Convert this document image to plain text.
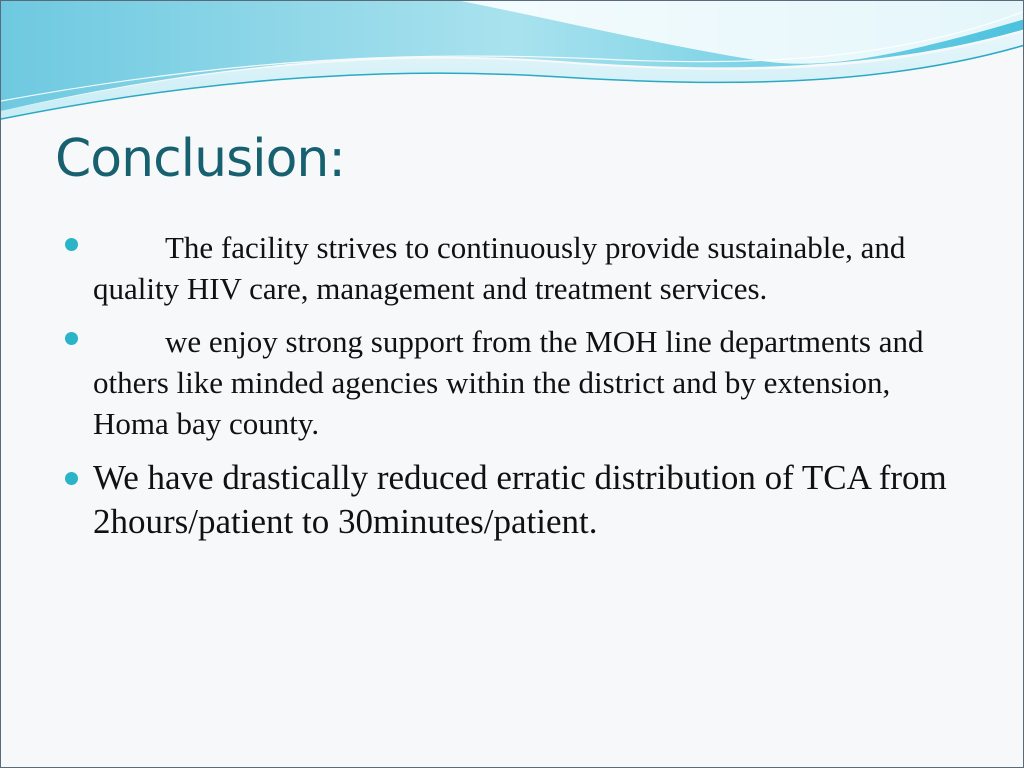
Conclusion:
The facility strives to continuously provide sustainable, and quality HIV care, management and treatment services.
we enjoy strong support from the MOH line departments and others like minded agencies within the district and by extension, Homa bay county.
We have drastically reduced erratic distribution of TCA from 2hours/patient to 30minutes/patient.
